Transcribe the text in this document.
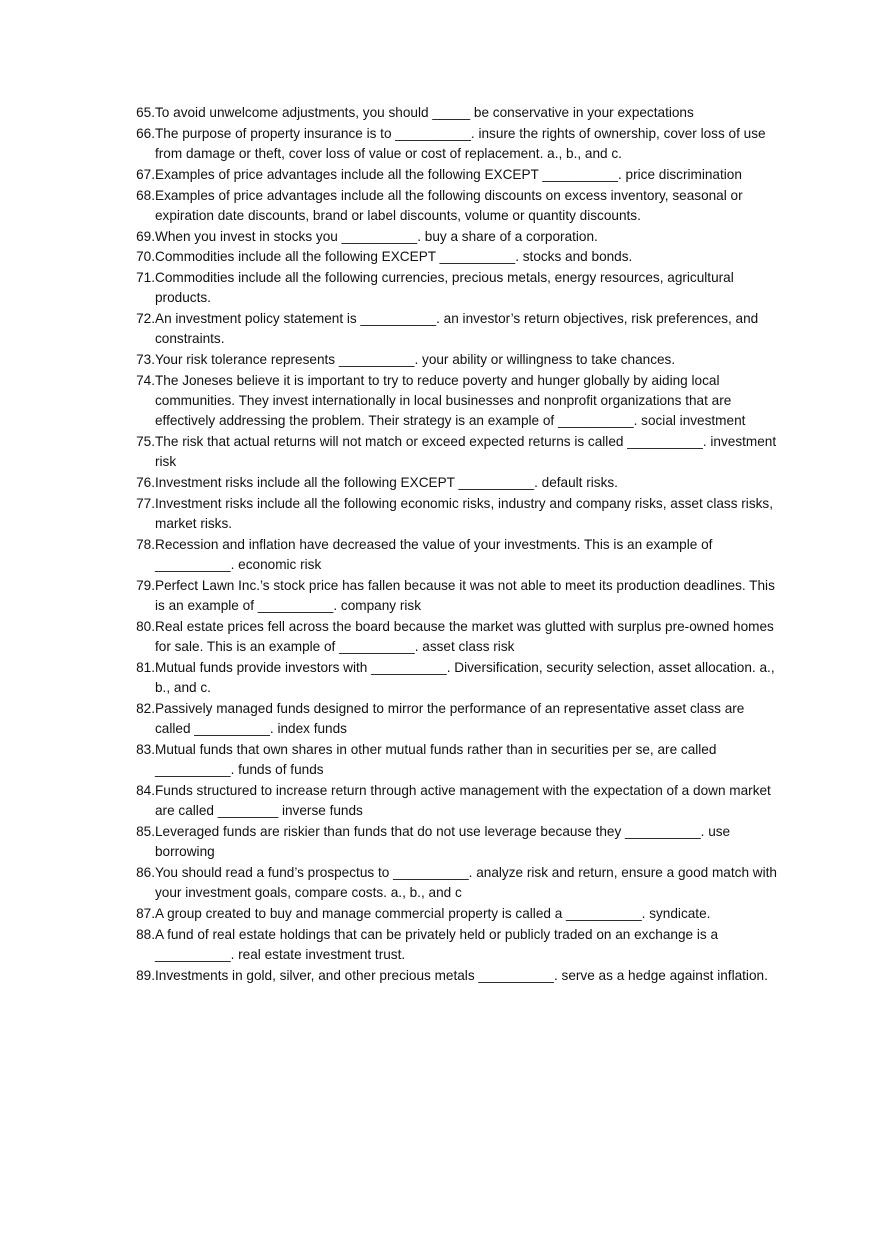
65. To avoid unwelcome adjustments, you should _____ be conservative in your expectations
66. The purpose of property insurance is to __________. insure the rights of ownership, cover loss of use from damage or theft, cover loss of value or cost of replacement. a., b., and c.
67. Examples of price advantages include all the following EXCEPT __________. price discrimination
68. Examples of price advantages include all the following discounts on excess inventory, seasonal or expiration date discounts, brand or label discounts, volume or quantity discounts.
69. When you invest in stocks you __________. buy a share of a corporation.
70. Commodities include all the following EXCEPT __________. stocks and bonds.
71. Commodities include all the following currencies, precious metals, energy resources, agricultural products.
72. An investment policy statement is __________. an investor’s return objectives, risk preferences, and constraints.
73. Your risk tolerance represents __________. your ability or willingness to take chances.
74. The Joneses believe it is important to try to reduce poverty and hunger globally by aiding local communities. They invest internationally in local businesses and nonprofit organizations that are effectively addressing the problem. Their strategy is an example of __________. social investment
75. The risk that actual returns will not match or exceed expected returns is called __________. investment risk
76. Investment risks include all the following EXCEPT __________. default risks.
77. Investment risks include all the following economic risks, industry and company risks, asset class risks, market risks.
78. Recession and inflation have decreased the value of your investments. This is an example of __________. economic risk
79. Perfect Lawn Inc.’s stock price has fallen because it was not able to meet its production deadlines. This is an example of __________. company risk
80. Real estate prices fell across the board because the market was glutted with surplus pre-owned homes for sale. This is an example of __________. asset class risk
81. Mutual funds provide investors with __________. Diversification, security selection, asset allocation. a., b., and c.
82. Passively managed funds designed to mirror the performance of an representative asset class are called __________. index funds
83. Mutual funds that own shares in other mutual funds rather than in securities per se, are called __________. funds of funds
84. Funds structured to increase return through active management with the expectation of a down market are called ________ inverse funds
85. Leveraged funds are riskier than funds that do not use leverage because they __________. use borrowing
86. You should read a fund’s prospectus to __________. analyze risk and return, ensure a good match with your investment goals, compare costs. a., b., and c
87. A group created to buy and manage commercial property is called a __________. syndicate.
88. A fund of real estate holdings that can be privately held or publicly traded on an exchange is a __________. real estate investment trust.
89. Investments in gold, silver, and other precious metals __________. serve as a hedge against inflation.
